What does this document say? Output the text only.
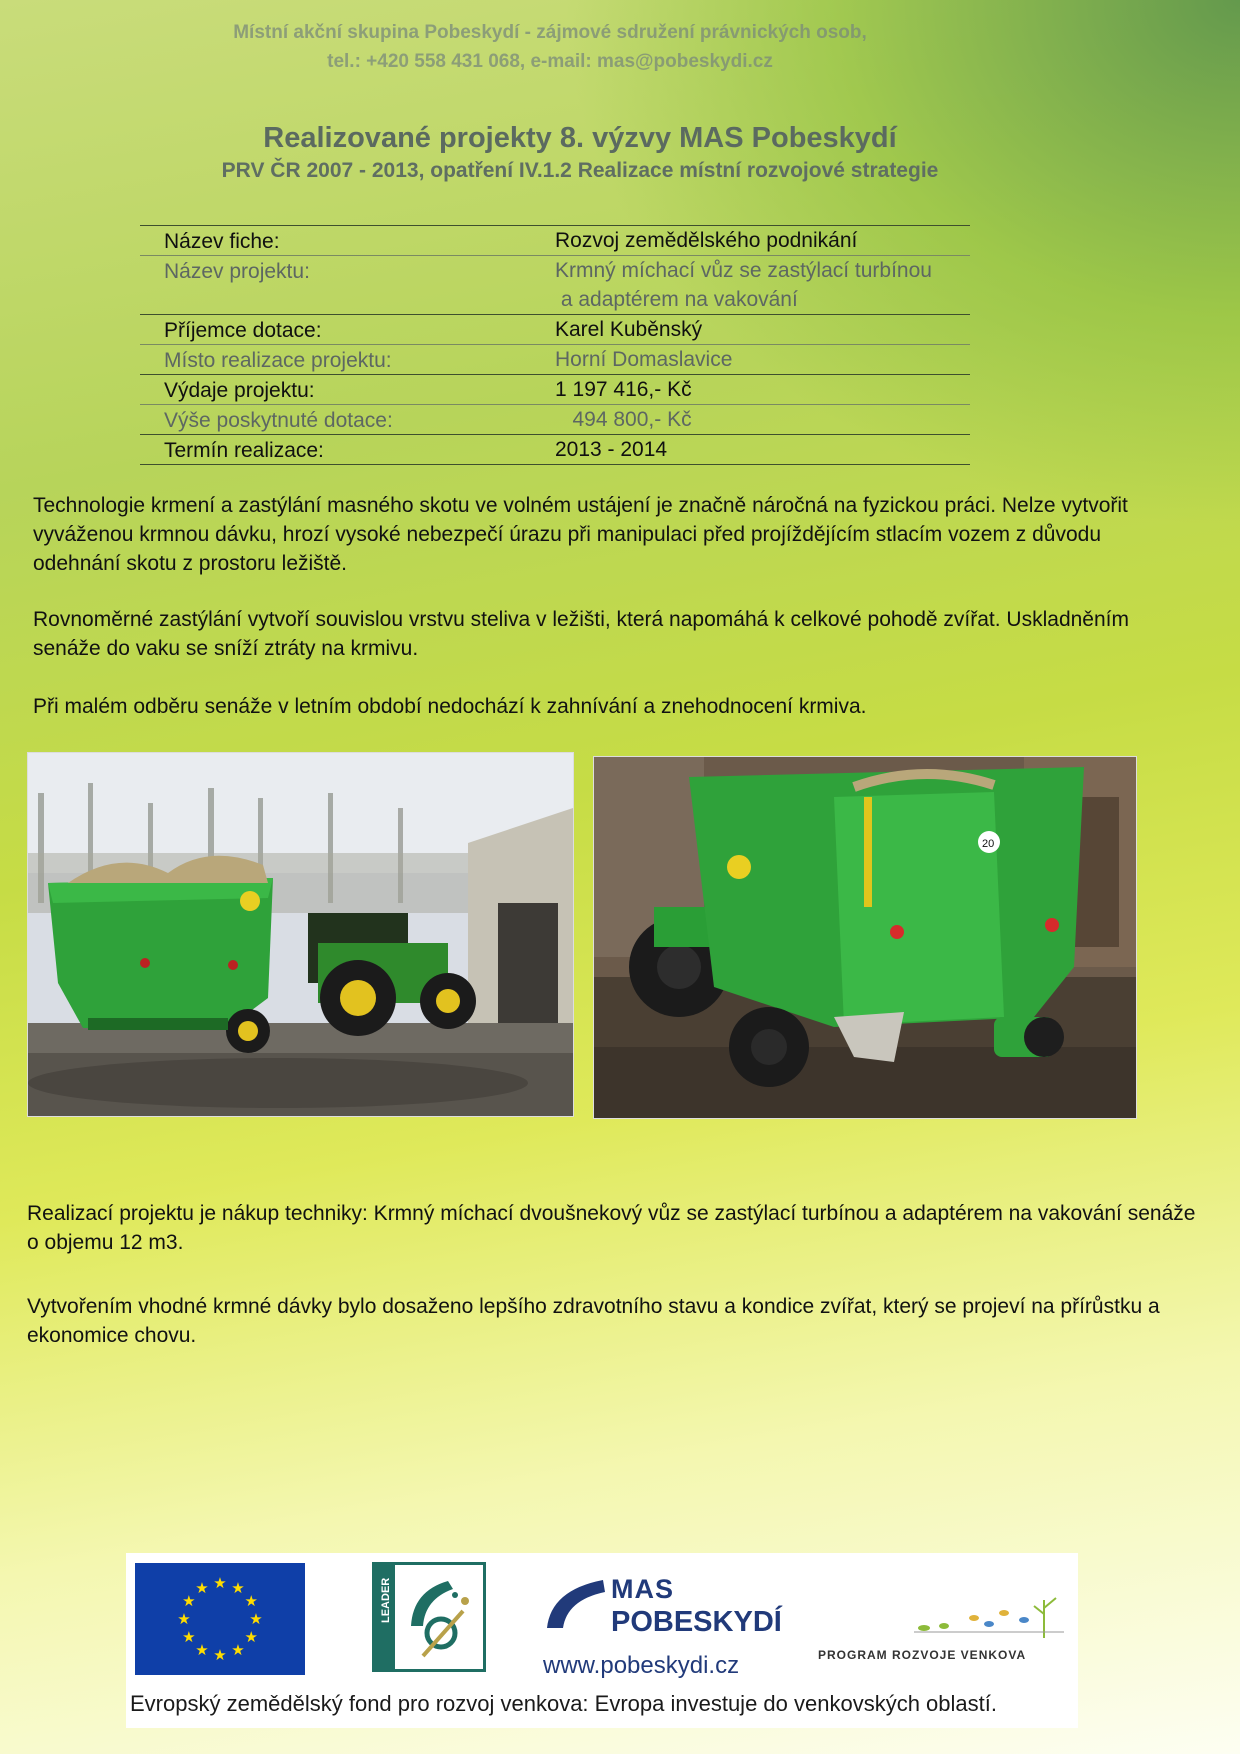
Místní akční skupina Pobeskydí - zájmové sdružení právnických osob,
tel.: +420 558 431 068, e-mail: mas@pobeskydi.cz
Realizované projekty 8. výzvy MAS Pobeskydí
PRV ČR 2007 - 2013, opatření IV.1.2 Realizace místní rozvojové strategie
Název fiche:	Rozvoj zemědělského podnikání
Název projektu:	Krmný míchací vůz se zastýlací turbínou
a adaptérem na vakování
Příjemce dotace:	Karel Kuběnský
Místo realizace projektu:	Horní Domaslavice
Výdaje projektu:	1 197 416,- Kč
Výše poskytnuté dotace:	494 800,- Kč
Termín realizace:	2013 - 2014
Technologie krmení a zastýlání masného skotu ve volném ustájení je značně náročná na fyzickou práci. Nelze vytvořit vyváženou krmnou dávku, hrozí vysoké nebezpečí úrazu při manipulaci před projíždějícím stlacím vozem z důvodu odehnání skotu z prostoru ležiště.
Rovnoměrné zastýlání vytvoří souvislou vrstvu steliva v ležišti, která napomáhá k celkové pohodě zvířat. Uskladněním senáže do vaku se sníží ztráty na krmivu.
Při malém odběru senáže v letním období nedochází k zahnívání a znehodnocení krmiva.
20
Realizací projektu je nákup techniky: Krmný míchací dvoušnekový vůz se zastýlací turbínou a adaptérem na vakování senáže o objemu 12 m3.
Vytvořením vhodné krmné dávky bylo dosaženo lepšího zdravotního stavu a kondice zvířat, který se projeví na přírůstku a ekonomice chovu.
★ ★
★
★
★
★
★
★
★
★
★
★	LEADER	MAS
POBESKYDÍ
www.pobeskydi.cz	PROGRAM ROZVOJE VENKOVA
Evropský zemědělský fond pro rozvoj venkova: Evropa investuje do venkovských oblastí.
